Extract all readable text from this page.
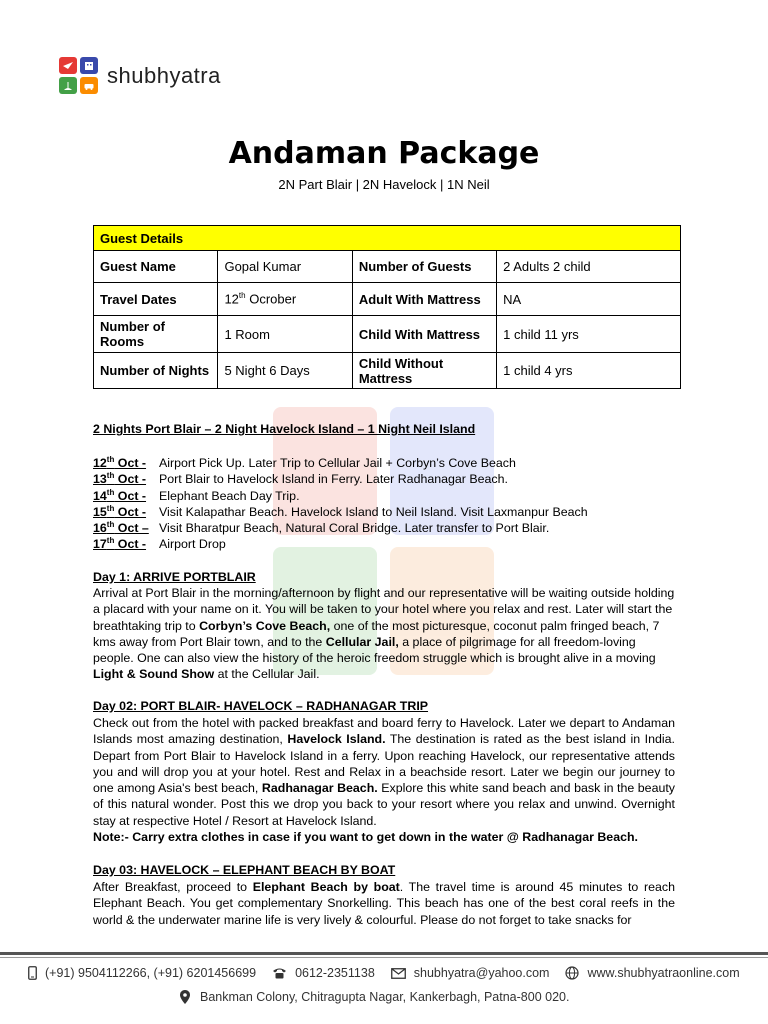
shubhyatra
Andaman Package
2N Part Blair | 2N Havelock | 1N Neil
Guest Details			
Guest Name	Gopal Kumar	Number of Guests	2 Adults 2 child
Travel Dates	12th Ocrober	Adult With Mattress	NA
Number of Rooms	1 Room	Child With Mattress	1 child 11 yrs
Number of Nights	5 Night 6 Days	Child Without Mattress	1 child 4 yrs
2 Nights Port Blair – 2 Night Havelock Island – 1 Night Neil Island
12th Oct -	Airport Pick Up. Later Trip to Cellular Jail + Corbyn’s Cove Beach
13th Oct -	Port Blair to Havelock Island in Ferry. Later Radhanagar Beach.
14th Oct -	Elephant Beach Day Trip.
15th Oct -	Visit Kalapathar Beach. Havelock Island to Neil Island. Visit Laxmanpur Beach
16th Oct – Visit Bharatpur Beach, Natural Coral Bridge. Later transfer to Port Blair.
17th Oct -	Airport Drop
Day 1: ARRIVE PORTBLAIR
Arrival at Port Blair in the morning/afternoon by flight and our representative will be waiting outside holding a placard with your name on it. You will be taken to your hotel where you relax and rest. Later will start the breathtaking trip to Corbyn’s Cove Beach, one of the most picturesque, coconut palm fringed beach, 7 kms away from Port Blair town, and to the Cellular Jail, a place of pilgrimage for all freedom-loving people. One can also view the history of the heroic freedom struggle which is brought alive in a moving Light & Sound Show at the Cellular Jail.
Day 02: PORT BLAIR- HAVELOCK – RADHANAGAR TRIP
Check out from the hotel with packed breakfast and board ferry to Havelock. Later we depart to Andaman Islands most amazing destination, Havelock Island. The destination is rated as the best island in India. Depart from Port Blair to Havelock Island in a ferry. Upon reaching Havelock, our representative attends you and will drop you at your hotel. Rest and Relax in a beachside resort. Later we begin our journey to one among Asia's best beach, Radhanagar Beach. Explore this white sand beach and bask in the beauty of this natural wonder. Post this we drop you back to your resort where you relax and unwind. Overnight stay at respective Hotel / Resort at Havelock Island.
Note:- Carry extra clothes in case if you want to get down in the water @ Radhanagar Beach.
Day 03: HAVELOCK – ELEPHANT BEACH BY BOAT
After Breakfast, proceed to Elephant Beach by boat. The travel time is around 45 minutes to reach Elephant Beach. You get complementary Snorkelling. This beach has one of the best coral reefs in the world & the underwater marine life is very lively & colourful. Please do not forget to take snacks for
(+91) 9504112266, (+91) 6201456699	0612-2351138	shubhyatra@yahoo.com	www.shubhyatraonline.com
Bankman Colony, Chitragupta Nagar, Kankerbagh, Patna-800 020.
